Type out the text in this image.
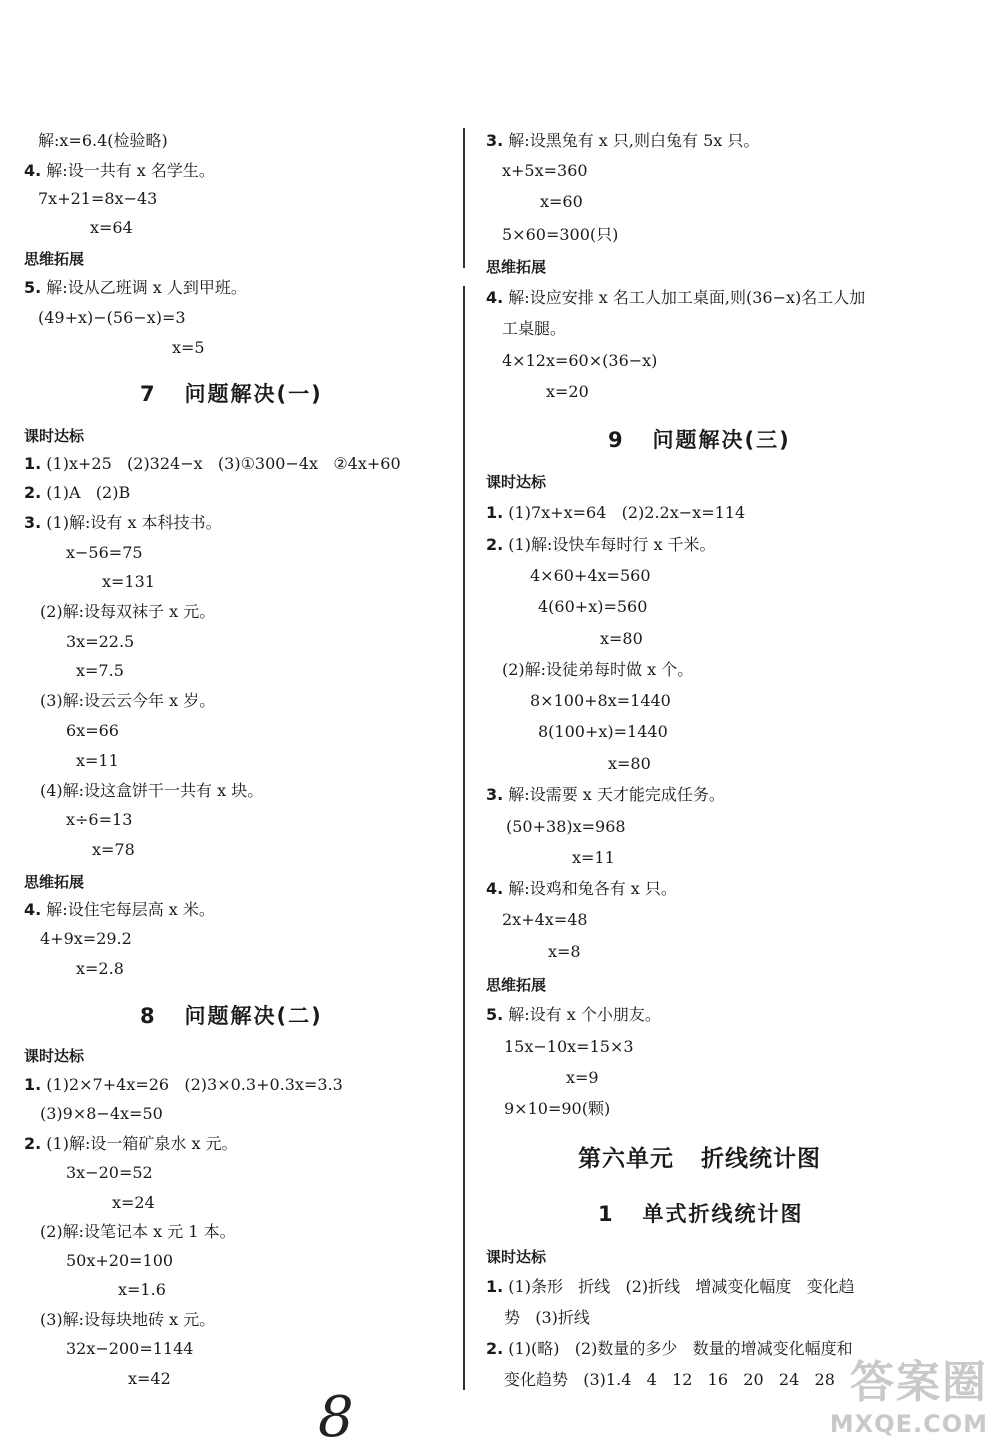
解:x=6.4(检验略)
4. 解:设一共有 x 名学生。
7x+21=8x−43
x=64
思维拓展
5. 解:设从乙班调 x 人到甲班。
(49+x)−(56−x)=3
x=5
7   问题解决(一)
课时达标
1. (1)x+25   (2)324−x   (3)①300−4x   ②4x+60
2. (1)A   (2)B
3. (1)解:设有 x 本科技书。
x−56=75
x=131
(2)解:设每双袜子 x 元。
3x=22.5
x=7.5
(3)解:设云云今年 x 岁。
6x=66
x=11
(4)解:设这盒饼干一共有 x 块。
x÷6=13
x=78
思维拓展
4. 解:设住宅每层高 x 米。
4+9x=29.2
x=2.8
8   问题解决(二)
课时达标
1. (1)2×7+4x=26   (2)3×0.3+0.3x=3.3
(3)9×8−4x=50
2. (1)解:设一箱矿泉水 x 元。
3x−20=52
x=24
(2)解:设笔记本 x 元 1 本。
50x+20=100
x=1.6
(3)解:设每块地砖 x 元。
32x−200=1144
x=42
3. 解:设黑兔有 x 只,则白兔有 5x 只。
x+5x=360
x=60
5×60=300(只)
思维拓展
4. 解:设应安排 x 名工人加工桌面,则(36−x)名工人加
工桌腿。
4×12x=60×(36−x)
x=20
9   问题解决(三)
课时达标
1. (1)7x+x=64   (2)2.2x−x=114
2. (1)解:设快车每时行 x 千米。
4×60+4x=560
4(60+x)=560
x=80
(2)解:设徒弟每时做 x 个。
8×100+8x=1440
8(100+x)=1440
x=80
3. 解:设需要 x 天才能完成任务。
(50+38)x=968
x=11
4. 解:设鸡和兔各有 x 只。
2x+4x=48
x=8
思维拓展
5. 解:设有 x 个小朋友。
15x−10x=15×3
x=9
9×10=90(颗)
第六单元   折线统计图
1   单式折线统计图
课时达标
1. (1)条形   折线   (2)折线   增减变化幅度   变化趋
势   (3)折线
2. (1)(略)   (2)数量的多少   数量的增减变化幅度和
变化趋势   (3)1.4   4   12   16   20   24   28
8
答案圈
MXQE.COM
